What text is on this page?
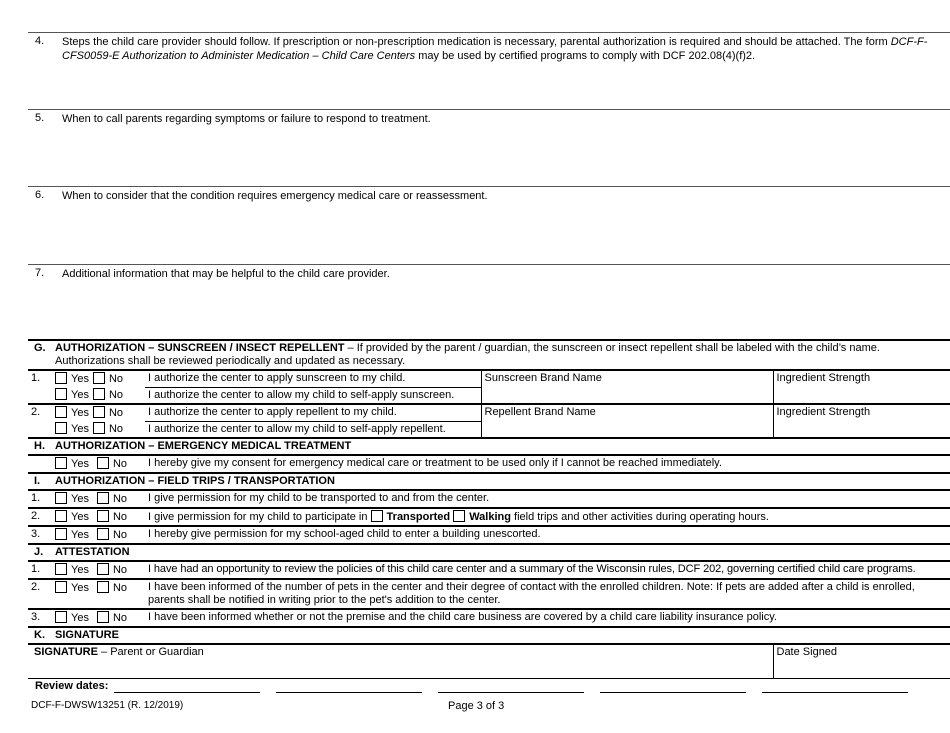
4. Steps the child care provider should follow. If prescription or non-prescription medication is necessary, parental authorization is required and should be attached. The form DCF-F-CFS0059-E Authorization to Administer Medication – Child Care Centers may be used by certified programs to comply with DCF 202.08(4)(f)2.
5. When to call parents regarding symptoms or failure to respond to treatment.
6. When to consider that the condition requires emergency medical care or reassessment.
7. Additional information that may be helpful to the child care provider.
G.	AUTHORIZATION – SUNSCREEN / INSECT REPELLENT – If provided by the parent / guardian, the sunscreen or insect repellent shall be labeled with the child’s name. Authorizations shall be reviewed periodically and updated as necessary.			
1.	Yes No	I authorize the center to apply sunscreen to my child.	Sunscreen Brand Name	Ingredient Strength
	Yes No	I authorize the center to allow my child to self-apply sunscreen.		
2.	Yes No	I authorize the center to apply repellent to my child.	Repellent Brand Name	Ingredient Strength
	Yes No	I authorize the center to allow my child to self-apply repellent.		
H.	AUTHORIZATION – EMERGENCY MEDICAL TREATMENT			
	Yes No	I hereby give my consent for emergency medical care or treatment to be used only if I cannot be reached immediately.		
I.	AUTHORIZATION – FIELD TRIPS / TRANSPORTATION			
1.	Yes No	I give permission for my child to be transported to and from the center.		
2.	Yes No	I give permission for my child to participate in Transported Walking field trips and other activities during operating hours.		
3.	Yes No	I hereby give permission for my school-aged child to enter a building unescorted.		
J.	ATTESTATION			
1.	Yes No	I have had an opportunity to review the policies of this child care center and a summary of the Wisconsin rules, DCF 202, governing certified child care programs.		
2.	Yes No	I have been informed of the number of pets in the center and their degree of contact with the enrolled children. Note: If pets are added after a child is enrolled, parents shall be notified in writing prior to the pet's addition to the center.		
3.	Yes No	I have been informed whether or not the premise and the child care business are covered by a child care liability insurance policy.		
K.	SIGNATURE			
SIGNATURE – Parent or Guardian				Date Signed
Review dates:
DCF-F-DWSW13251 (R. 12/2019)	Page 3 of 3
